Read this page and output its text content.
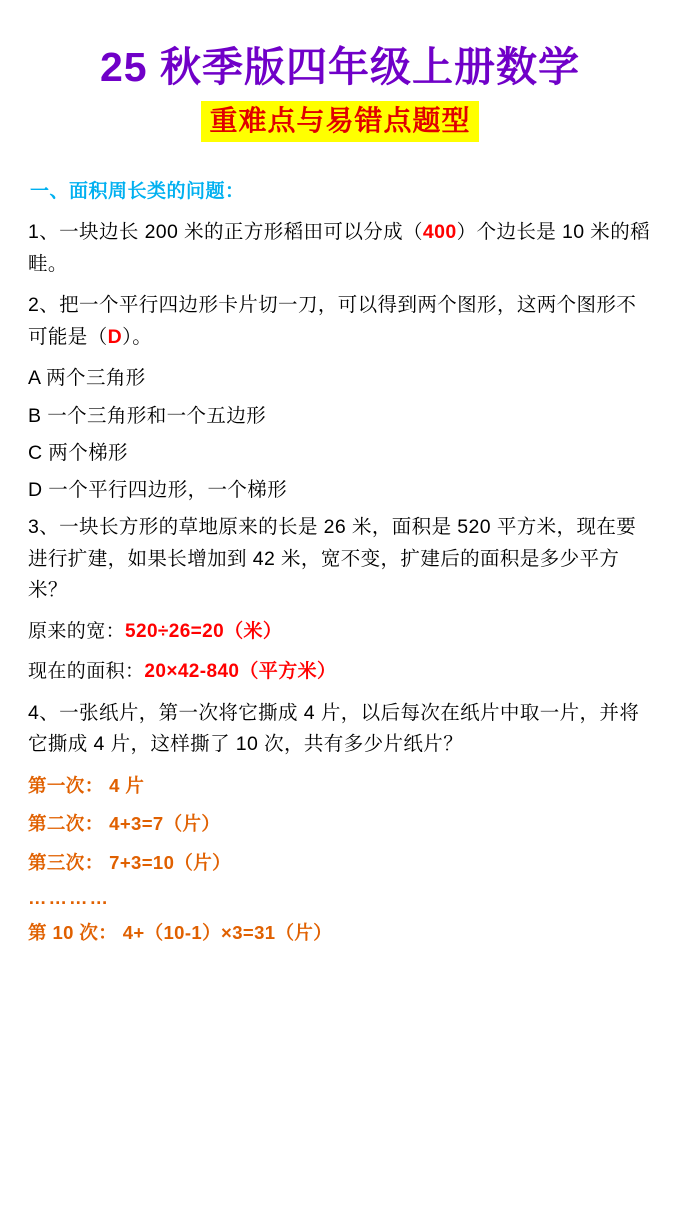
25 秋季版四年级上册数学
重难点与易错点题型
一、面积周长类的问题：
1、一块边长 200 米的正方形稻田可以分成（400）个边长是 10 米的稻畦。
2、把一个平行四边形卡片切一刀，可以得到两个图形，这两个图形不可能是（D）。
A 两个三角形
B 一个三角形和一个五边形
C 两个梯形
D 一个平行四边形，一个梯形
3、一块长方形的草地原来的长是 26 米，面积是 520 平方米，现在要进行扩建，如果长增加到 42 米，宽不变，扩建后的面积是多少平方米？
原来的宽：520÷26=20（米）
现在的面积：20×42-840（平方米）
4、一张纸片，第一次将它撕成 4 片，以后每次在纸片中取一片，并将它撕成 4 片，这样撕了 10 次，共有多少片纸片？
第一次： 4 片
第二次： 4+3=7（片）
第三次： 7+3=10（片）
…………
第 10 次： 4+（10-1）×3=31（片）
